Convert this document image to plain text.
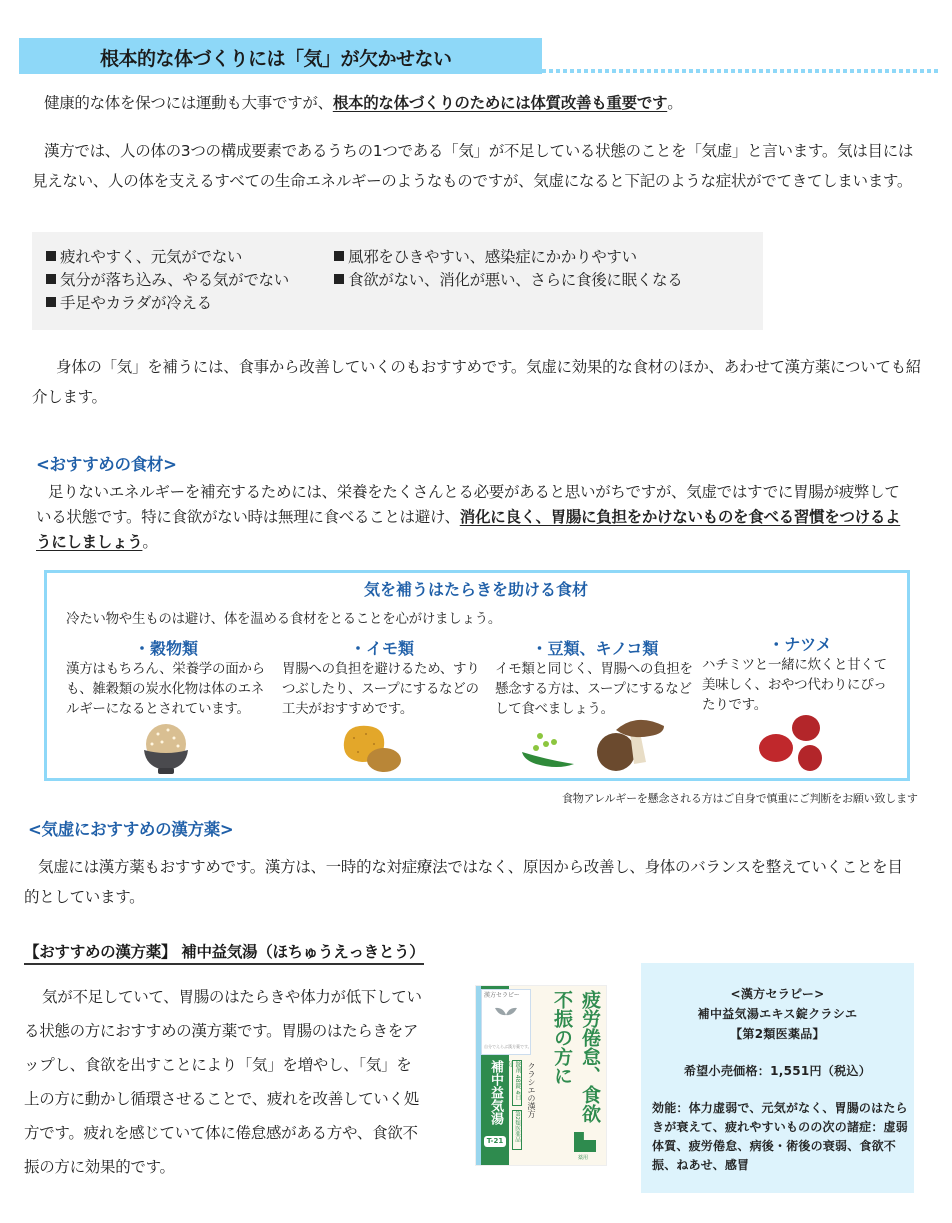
根本的な体づくりには「気」が欠かせない
健康的な体を保つには運動も大事ですが、根本的な体づくりのためには体質改善も重要です。
漢方では、人の体の3つの構成要素であるうちの1つである「気」が不足している状態のことを「気虚」と言います。気は目には見えない、人の体を支えるすべての生命エネルギーのようなものですが、気虚になると下記のような症状がでてきてしまいます。
疲れやすく、元気がでない
気分が落ち込み、やる気がでない
手足やカラダが冷える
風邪をひきやすい、感染症にかかりやすい
食欲がない、消化が悪い、さらに食後に眠くなる
身体の「気」を補うには、食事から改善していくのもおすすめです。気虚に効果的な食材のほか、あわせて漢方薬についても紹介します。
<おすすめの食材>
足りないエネルギーを補充するためには、栄養をたくさんとる必要があると思いがちですが、気虚ではすでに胃腸が疲弊している状態です。特に食欲がない時は無理に食べることは避け、消化に良く、胃腸に負担をかけないものを食べる習慣をつけるようにしましょう。
気を補うはたらきを助ける食材
冷たい物や生ものは避け、体を温める食材をとることを心がけましょう。
・穀物類
漢方はもちろん、栄養学の面からも、雑穀類の炭水化物は体のエネルギーになるとされています。
・イモ類
胃腸への負担を避けるため、すりつぶしたり、スープにするなどの工夫がおすすめです。
・豆類、キノコ類
イモ類と同じく、胃腸への負担を懸念する方は、スープにするなどして食べましょう。
・ナツメ
ハチミツと一緒に炊くと甘くて美味しく、おやつ代わりにぴったりです。
食物アレルギーを懸念される方はご自身で慎重にご判断をお願い致します
<気虚におすすめの漢方薬>
気虚には漢方薬もおすすめです。漢方は、一時的な対症療法ではなく、原因から改善し、身体のバランスを整えていくことを目的としています。
【おすすめの漢方薬】 補中益気湯（ほちゅうえっきとう）
気が不足していて、胃腸のはたらきや体力が低下している状態の方におすすめの漢方薬です。胃腸のはたらきをアップし、食欲を出すことにより「気」を増やし、「気」を上の方に動かし循環させることで、疲れを改善していく処方です。疲れを感じていて体に倦怠感がある方や、食欲不振の方に効果的です。
漢方セラピー
自分でえらぶ漢方薬です。
補中益気湯
T-21
錠剤 48錠 4日分
第2類医薬品
クラシエの漢方	疲労倦怠、食欲不振の方に
薬用
<漢方セラピー>
補中益気湯エキス錠クラシエ
【第2類医薬品】
希望小売価格：1,551円（税込）
効能：体力虚弱で、元気がなく、胃腸のはたらきが衰えて、疲れやすいものの次の諸症：虚弱体質、疲労倦怠、病後・術後の衰弱、食欲不振、ねあせ、感冒
